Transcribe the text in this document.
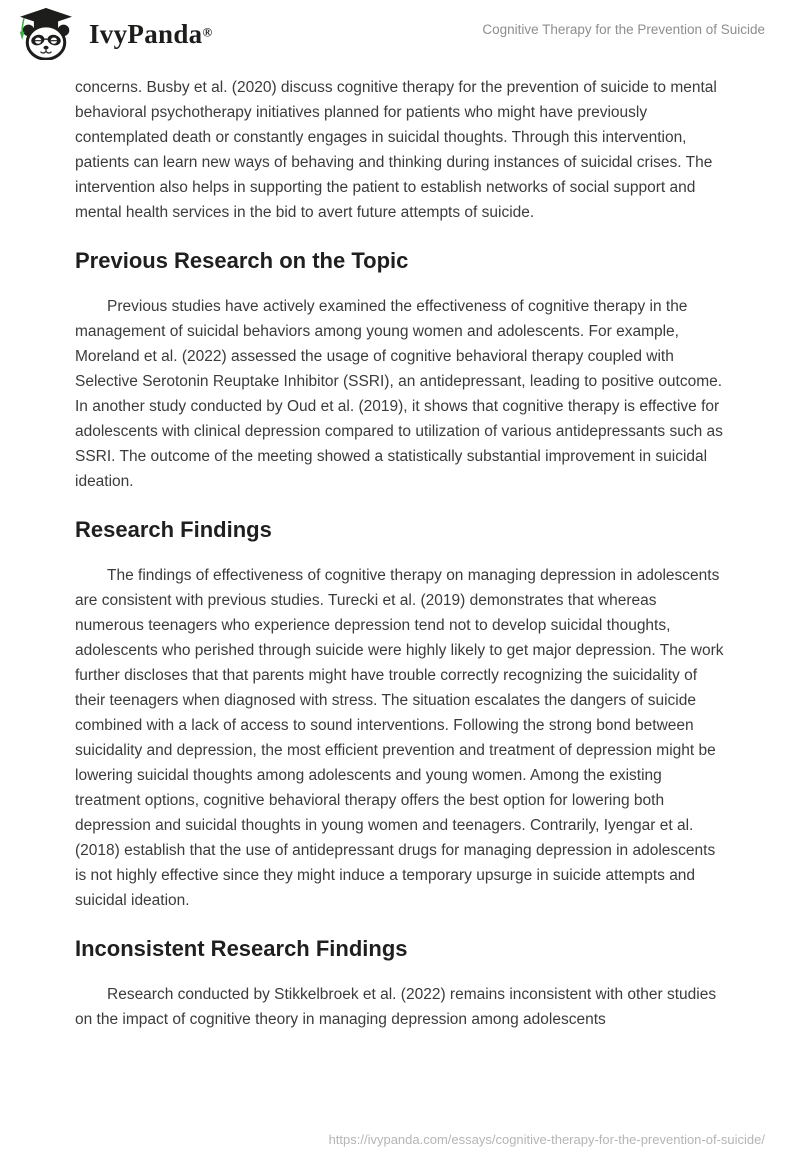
IvyPanda®	Cognitive Therapy for the Prevention of Suicide

concerns. Busby et al. (2020) discuss cognitive therapy for the prevention of suicide to mental behavioral psychotherapy initiatives planned for patients who might have previously contemplated death or constantly engages in suicidal thoughts. Through this intervention, patients can learn new ways of behaving and thinking during instances of suicidal crises. The intervention also helps in supporting the patient to establish networks of social support and mental health services in the bid to avert future attempts of suicide.

Previous Research on the Topic

Previous studies have actively examined the effectiveness of cognitive therapy in the management of suicidal behaviors among young women and adolescents. For example, Moreland et al. (2022) assessed the usage of cognitive behavioral therapy coupled with Selective Serotonin Reuptake Inhibitor (SSRI), an antidepressant, leading to positive outcome. In another study conducted by Oud et al. (2019), it shows that cognitive therapy is effective for adolescents with clinical depression compared to utilization of various antidepressants such as SSRI. The outcome of the meeting showed a statistically substantial improvement in suicidal ideation.

Research Findings

The findings of effectiveness of cognitive therapy on managing depression in adolescents are consistent with previous studies. Turecki et al. (2019) demonstrates that whereas numerous teenagers who experience depression tend not to develop suicidal thoughts, adolescents who perished through suicide were highly likely to get major depression. The work further discloses that that parents might have trouble correctly recognizing the suicidality of their teenagers when diagnosed with stress. The situation escalates the dangers of suicide combined with a lack of access to sound interventions. Following the strong bond between suicidality and depression, the most efficient prevention and treatment of depression might be lowering suicidal thoughts among adolescents and young women. Among the existing treatment options, cognitive behavioral therapy offers the best option for lowering both depression and suicidal thoughts in young women and teenagers. Contrarily, Iyengar et al. (2018) establish that the use of antidepressant drugs for managing depression in adolescents is not highly effective since they might induce a temporary upsurge in suicide attempts and suicidal ideation.

Inconsistent Research Findings

Research conducted by Stikkelbroek et al. (2022) remains inconsistent with other studies on the impact of cognitive theory in managing depression among adolescents

https://ivypanda.com/essays/cognitive-therapy-for-the-prevention-of-suicide/
